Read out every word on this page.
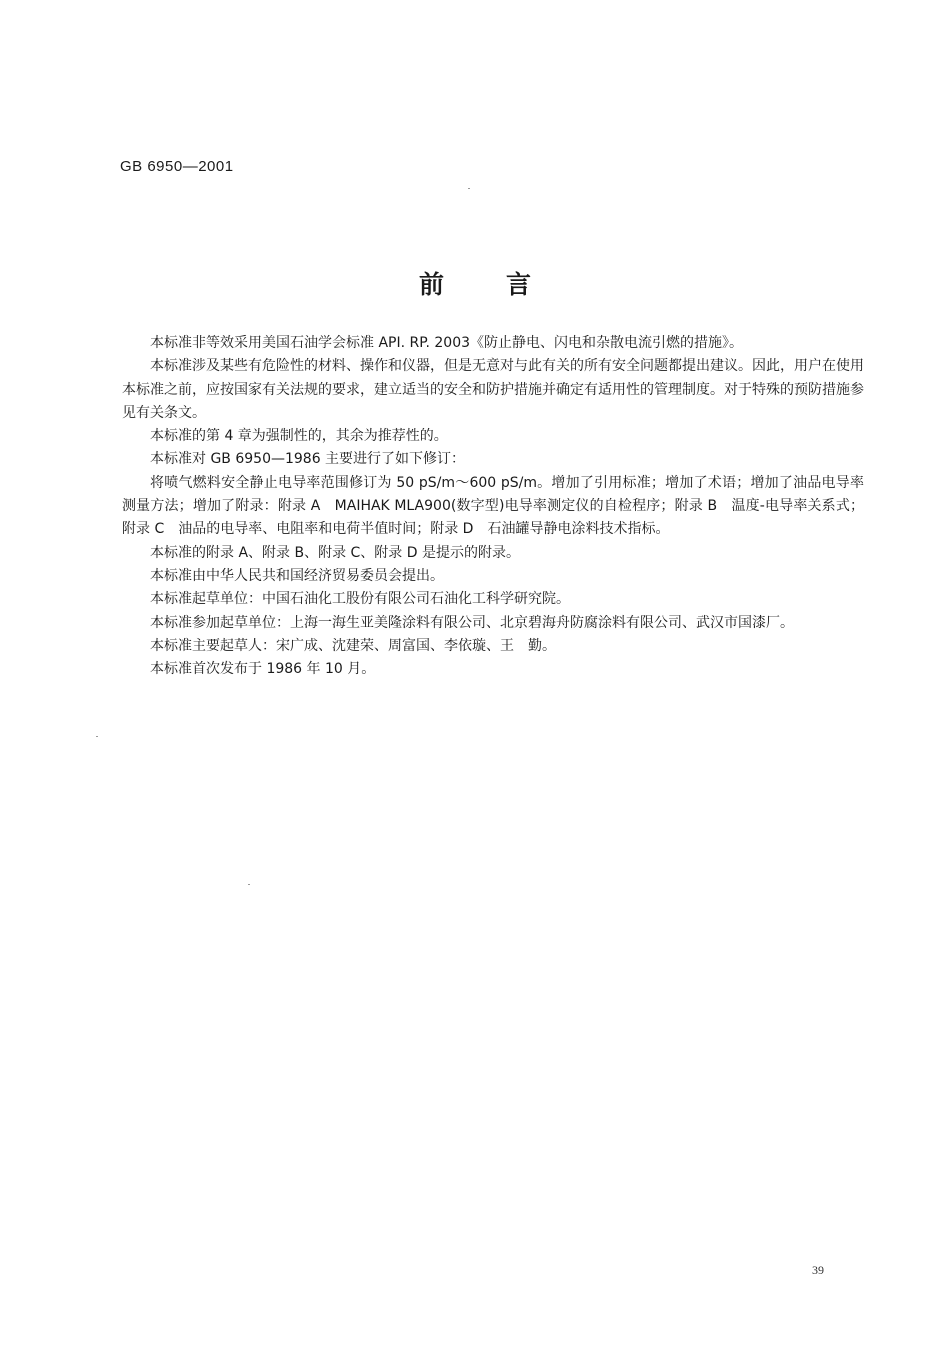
GB 6950—2001
前 言

本标准非等效采用美国石油学会标准 API. RP. 2003《防止静电、闪电和杂散电流引燃的措施》。

本标准涉及某些有危险性的材料、操作和仪器，但是无意对与此有关的所有安全问题都提出建议。因此，用户在使用本标准之前，应按国家有关法规的要求，建立适当的安全和防护措施并确定有适用性的管理制度。对于特殊的预防措施参见有关条文。

本标准的第 4 章为强制性的，其余为推荐性的。

本标准对 GB 6950—1986 主要进行了如下修订：

将喷气燃料安全静止电导率范围修订为 50 pS/m～600 pS/m。增加了引用标准；增加了术语；增加了油品电导率测量方法；增加了附录：附录 A　MAIHAK MLA900(数字型)电导率测定仪的自检程序；附录 B　温度-电导率关系式；附录 C　油品的电导率、电阻率和电荷半值时间；附录 D　石油罐导静电涂料技术指标。

本标准的附录 A、附录 B、附录 C、附录 D 是提示的附录。

本标准由中华人民共和国经济贸易委员会提出。

本标准起草单位：中国石油化工股份有限公司石油化工科学研究院。

本标准参加起草单位：上海一海生亚美隆涂料有限公司、北京碧海舟防腐涂料有限公司、武汉市国漆厂。

本标准主要起草人：宋广成、沈建荣、周富国、李依璇、王　勤。

本标准首次发布于 1986 年 10 月。

39
